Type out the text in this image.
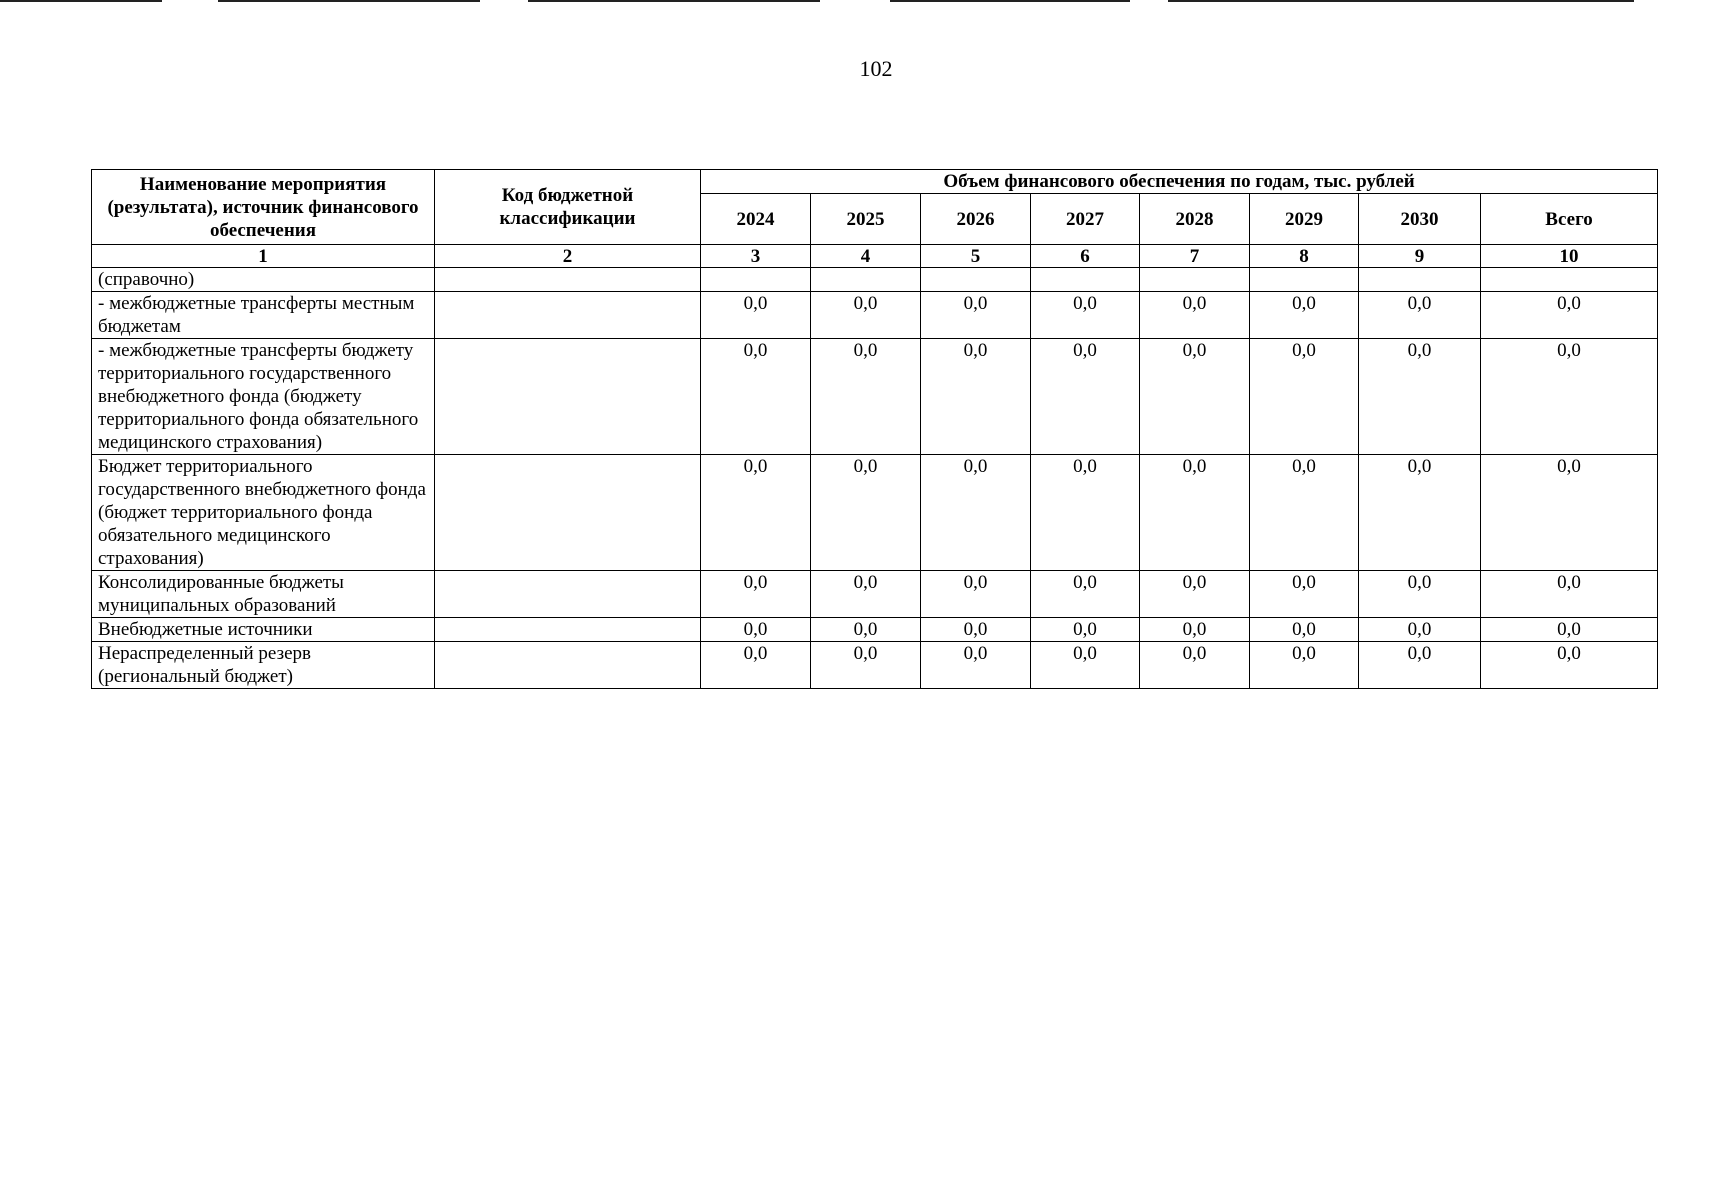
102
Наименование мероприятия (результата), источник финансового обеспечения	Код бюджетной классификации	Объем финансового обеспечения по годам, тыс. рублей							
		2024	2025	2026	2027	2028	2029	2030	Всего
1	2	3	4	5	6	7	8	9	10
(справочно)									
- межбюджетные трансферты местным бюджетам		0,0	0,0	0,0	0,0	0,0	0,0	0,0	0,0
- межбюджетные трансферты бюджету территориального государственного внебюджетного фонда (бюджету территориального фонда обязательного медицинского страхования)		0,0	0,0	0,0	0,0	0,0	0,0	0,0	0,0
Бюджет территориального государственного внебюджетного фонда (бюджет территориального фонда обязательного медицинского страхования)		0,0	0,0	0,0	0,0	0,0	0,0	0,0	0,0
Консолидированные бюджеты муниципальных образований		0,0	0,0	0,0	0,0	0,0	0,0	0,0	0,0
Внебюджетные источники		0,0	0,0	0,0	0,0	0,0	0,0	0,0	0,0
Нераспределенный резерв (региональный бюджет)		0,0	0,0	0,0	0,0	0,0	0,0	0,0	0,0
